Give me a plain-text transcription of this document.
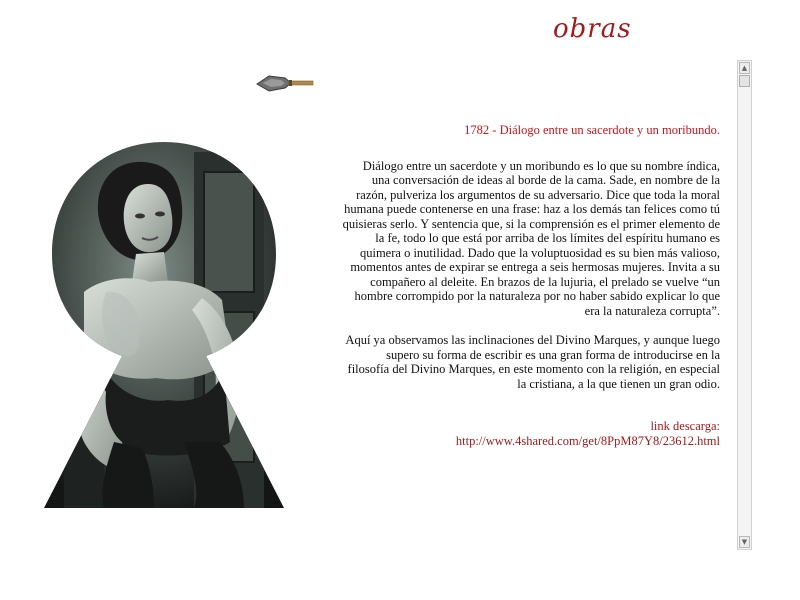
obras

1782 - Diálogo entre un sacerdote y un moribundo.

Diálogo entre un sacerdote y un moribundo es lo que su nombre índica, una conversación de ideas al borde de la cama. Sade, en nombre de la razón, pulveriza los argumentos de su adversario. Dice que toda la moral humana puede contenerse en una frase: haz a los demás tan felices como tú quisieras serlo. Y sentencia que, si la comprensión es el primer elemento de la fe, todo lo que está por arriba de los límites del espíritu humano es quimera o inutilidad. Dado que la voluptuosidad es su bien más valioso, momentos antes de expirar se entrega a seis hermosas mujeres. Invita a su compañero al deleite. En brazos de la lujuria, el prelado se vuelve “un hombre corrompido por la naturaleza por no haber sabido explicar lo que era la naturaleza corrupta”.

Aquí ya observamos las inclinaciones del Divino Marques, y aunque luego supero su forma de escribir es una gran forma de introducirse en la filosofía del Divino Marques, en este momento con la religión, en especial la cristiana, a la que tienen un gran odio.

link descarga:
http://www.4shared.com/get/8PpM87Y8/23612.html
▲
▼
